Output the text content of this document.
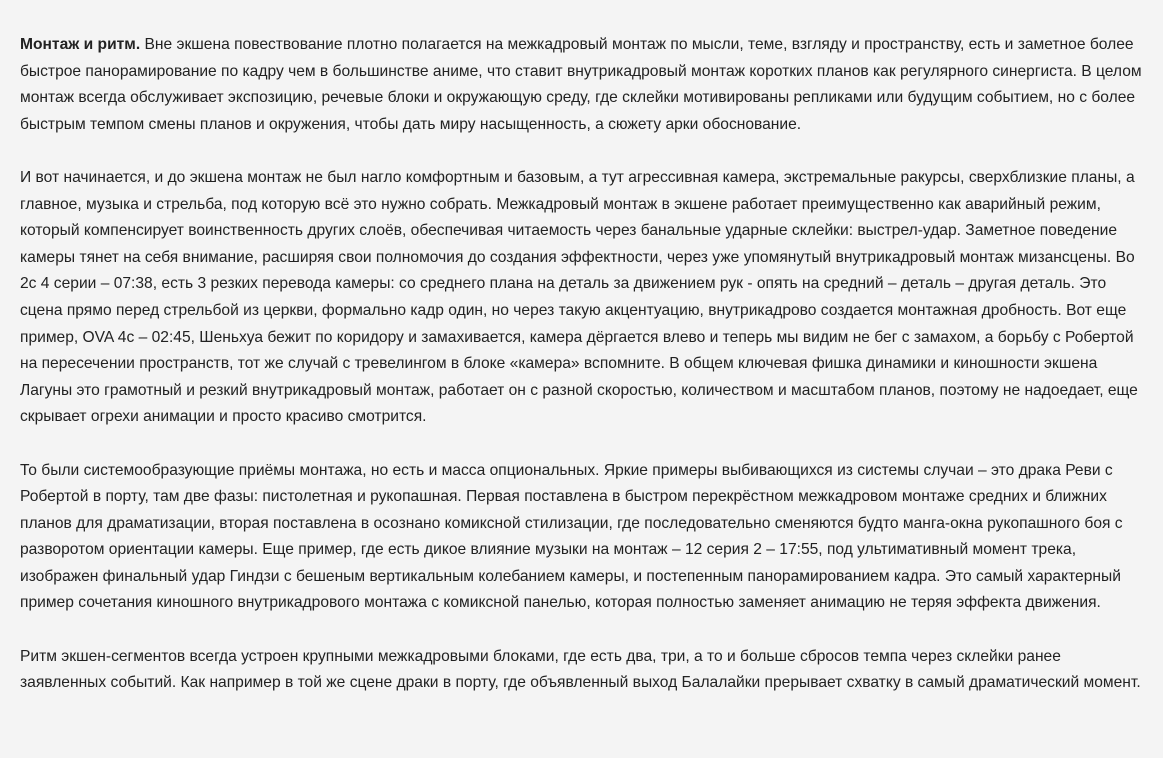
Монтаж и ритм. Вне экшена повествование плотно полагается на межкадровый монтаж по мысли, теме, взгляду и пространству, есть и заметное более быстрое панорамирование по кадру чем в большинстве аниме, что ставит внутрикадровый монтаж коротких планов как регулярного синергиста. В целом монтаж всегда обслуживает экспозицию, речевые блоки и окружающую среду, где склейки мотивированы репликами или будущим событием, но с более быстрым темпом смены планов и окружения, чтобы дать миру насыщенность, а сюжету арки обоснование.

И вот начинается, и до экшена монтаж не был нагло комфортным и базовым, а тут агрессивная камера, экстремальные ракурсы, сверхблизкие планы, а главное, музыка и стрельба, под которую всё это нужно собрать. Межкадровый монтаж в экшене работает преимущественно как аварийный режим, который компенсирует воинственность других слоёв, обеспечивая читаемость через банальные ударные склейки: выстрел-удар. Заметное поведение камеры тянет на себя внимание, расширяя свои полномочия до создания эффектности, через уже упомянутый внутрикадровый монтаж мизансцены. Во 2с 4 серии – 07:38, есть 3 резких перевода камеры: со среднего плана на деталь за движением рук - опять на средний – деталь – другая деталь. Это сцена прямо перед стрельбой из церкви, формально кадр один, но через такую акцентуацию, внутрикадрово создается монтажная дробность. Вот еще пример, OVA 4с – 02:45, Шеньхуа бежит по коридору и замахивается, камера дёргается влево и теперь мы видим не бег с замахом, а борьбу с Робертой на пересечении пространств, тот же случай с тревелингом в блоке «камера» вспомните. В общем ключевая фишка динамики и киношности экшена Лагуны это грамотный и резкий внутрикадровый монтаж, работает он с разной скоростью, количеством и масштабом планов, поэтому не надоедает, еще скрывает огрехи анимации и просто красиво смотрится.

То были системообразующие приёмы монтажа, но есть и масса опциональных. Яркие примеры выбивающихся из системы случаи – это драка Реви с Робертой в порту, там две фазы: пистолетная и рукопашная. Первая поставлена в быстром перекрёстном межкадровом монтаже средних и ближних планов для драматизации, вторая поставлена в осознано комиксной стилизации, где последовательно сменяются будто манга-окна рукопашного боя с разворотом ориентации камеры. Еще пример, где есть дикое влияние музыки на монтаж – 12 серия 2 – 17:55, под ультимативный момент трека, изображен финальный удар Гиндзи с бешеным вертикальным колебанием камеры, и постепенным панорамированием кадра. Это самый характерный пример сочетания киношного внутрикадрового монтажа с комиксной панелью, которая полностью заменяет анимацию не теряя эффекта движения.

Ритм экшен-сегментов всегда устроен крупными межкадровыми блоками, где есть два, три, а то и больше сбросов темпа через склейки ранее заявленных событий. Как например в той же сцене драки в порту, где объявленный выход Балалайки прерывает схватку в самый драматический момент.
